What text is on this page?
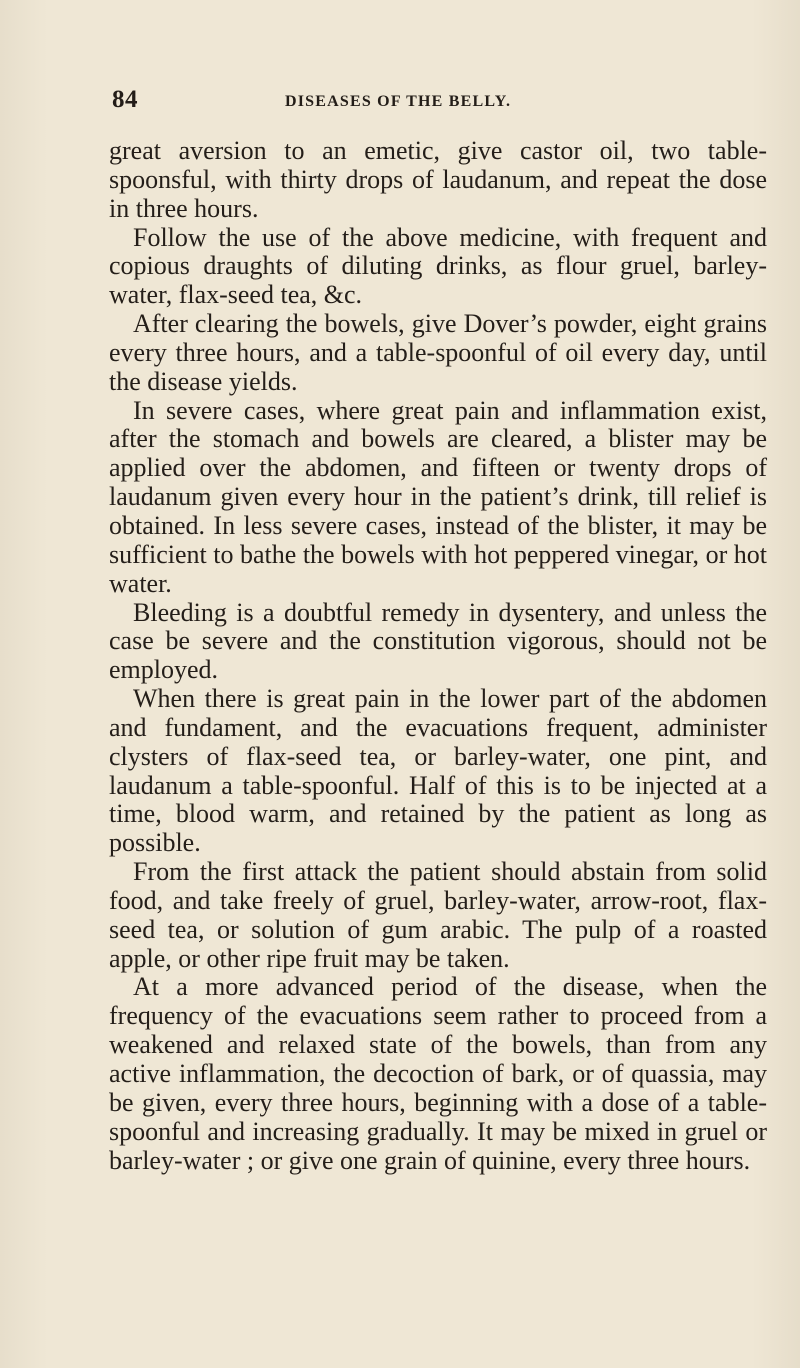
84	DISEASES OF THE BELLY.

great aversion to an emetic, give castor oil, two table-spoonsful, with thirty drops of laudanum, and repeat the dose in three hours.

Follow the use of the above medicine, with frequent and copious draughts of diluting drinks, as flour gruel, barley-water, flax-seed tea, &c.

After clearing the bowels, give Dover’s powder, eight grains every three hours, and a table-spoonful of oil every day, until the disease yields.

In severe cases, where great pain and inflammation exist, after the stomach and bowels are cleared, a blister may be applied over the abdomen, and fifteen or twenty drops of laudanum given every hour in the patient’s drink, till relief is obtained. In less severe cases, instead of the blister, it may be sufficient to bathe the bowels with hot peppered vinegar, or hot water.

Bleeding is a doubtful remedy in dysentery, and unless the case be severe and the constitution vigorous, should not be employed.

When there is great pain in the lower part of the abdomen and fundament, and the evacuations frequent, administer clysters of flax-seed tea, or barley-water, one pint, and laudanum a table-spoonful. Half of this is to be injected at a time, blood warm, and retained by the patient as long as possible.

From the first attack the patient should abstain from solid food, and take freely of gruel, barley-water, arrow-root, flax-seed tea, or solution of gum arabic. The pulp of a roasted apple, or other ripe fruit may be taken.

At a more advanced period of the disease, when the frequency of the evacuations seem rather to proceed from a weakened and relaxed state of the bowels, than from any active inflammation, the decoction of bark, or of quassia, may be given, every three hours, beginning with a dose of a table-spoonful and increasing gradually. It may be mixed in gruel or barley-water ; or give one grain of quinine, every three hours.
